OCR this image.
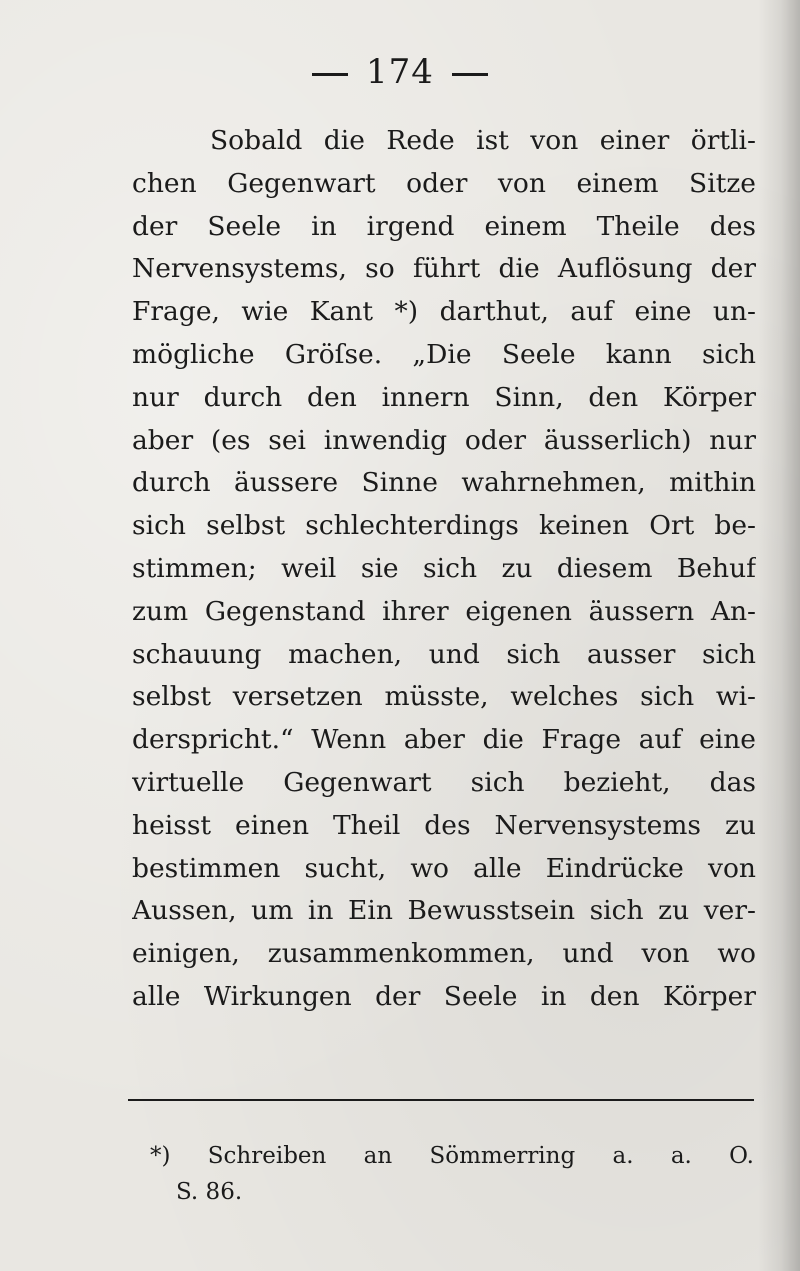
174
Sobald die Rede ist von einer örtli-
chen Gegenwart oder von einem Sitze
der Seele in irgend einem Theile des
Nervensystems, so führt die Auflösung der
Frage, wie Kant *) darthut, auf eine un-
mögliche Gröſse. „Die Seele kann sich
nur durch den innern Sinn, den Körper
aber (es sei inwendig oder äusserlich) nur
durch äussere Sinne wahrnehmen, mithin
sich selbst schlechterdings keinen Ort be-
stimmen; weil sie sich zu diesem Behuf
zum Gegenstand ihrer eigenen äussern An-
schauung machen, und sich ausser sich
selbst versetzen müsste, welches sich wi-
derspricht.“ Wenn aber die Frage auf eine
virtuelle Gegenwart sich bezieht, das
heisst einen Theil des Nervensystems zu
bestimmen sucht, wo alle Eindrücke von
Aussen, um in Ein Bewusstsein sich zu ver-
einigen, zusammenkommen, und von wo
alle Wirkungen der Seele in den Körper
*) Schreiben an Sömmerring a. a. O.
S. 86.
